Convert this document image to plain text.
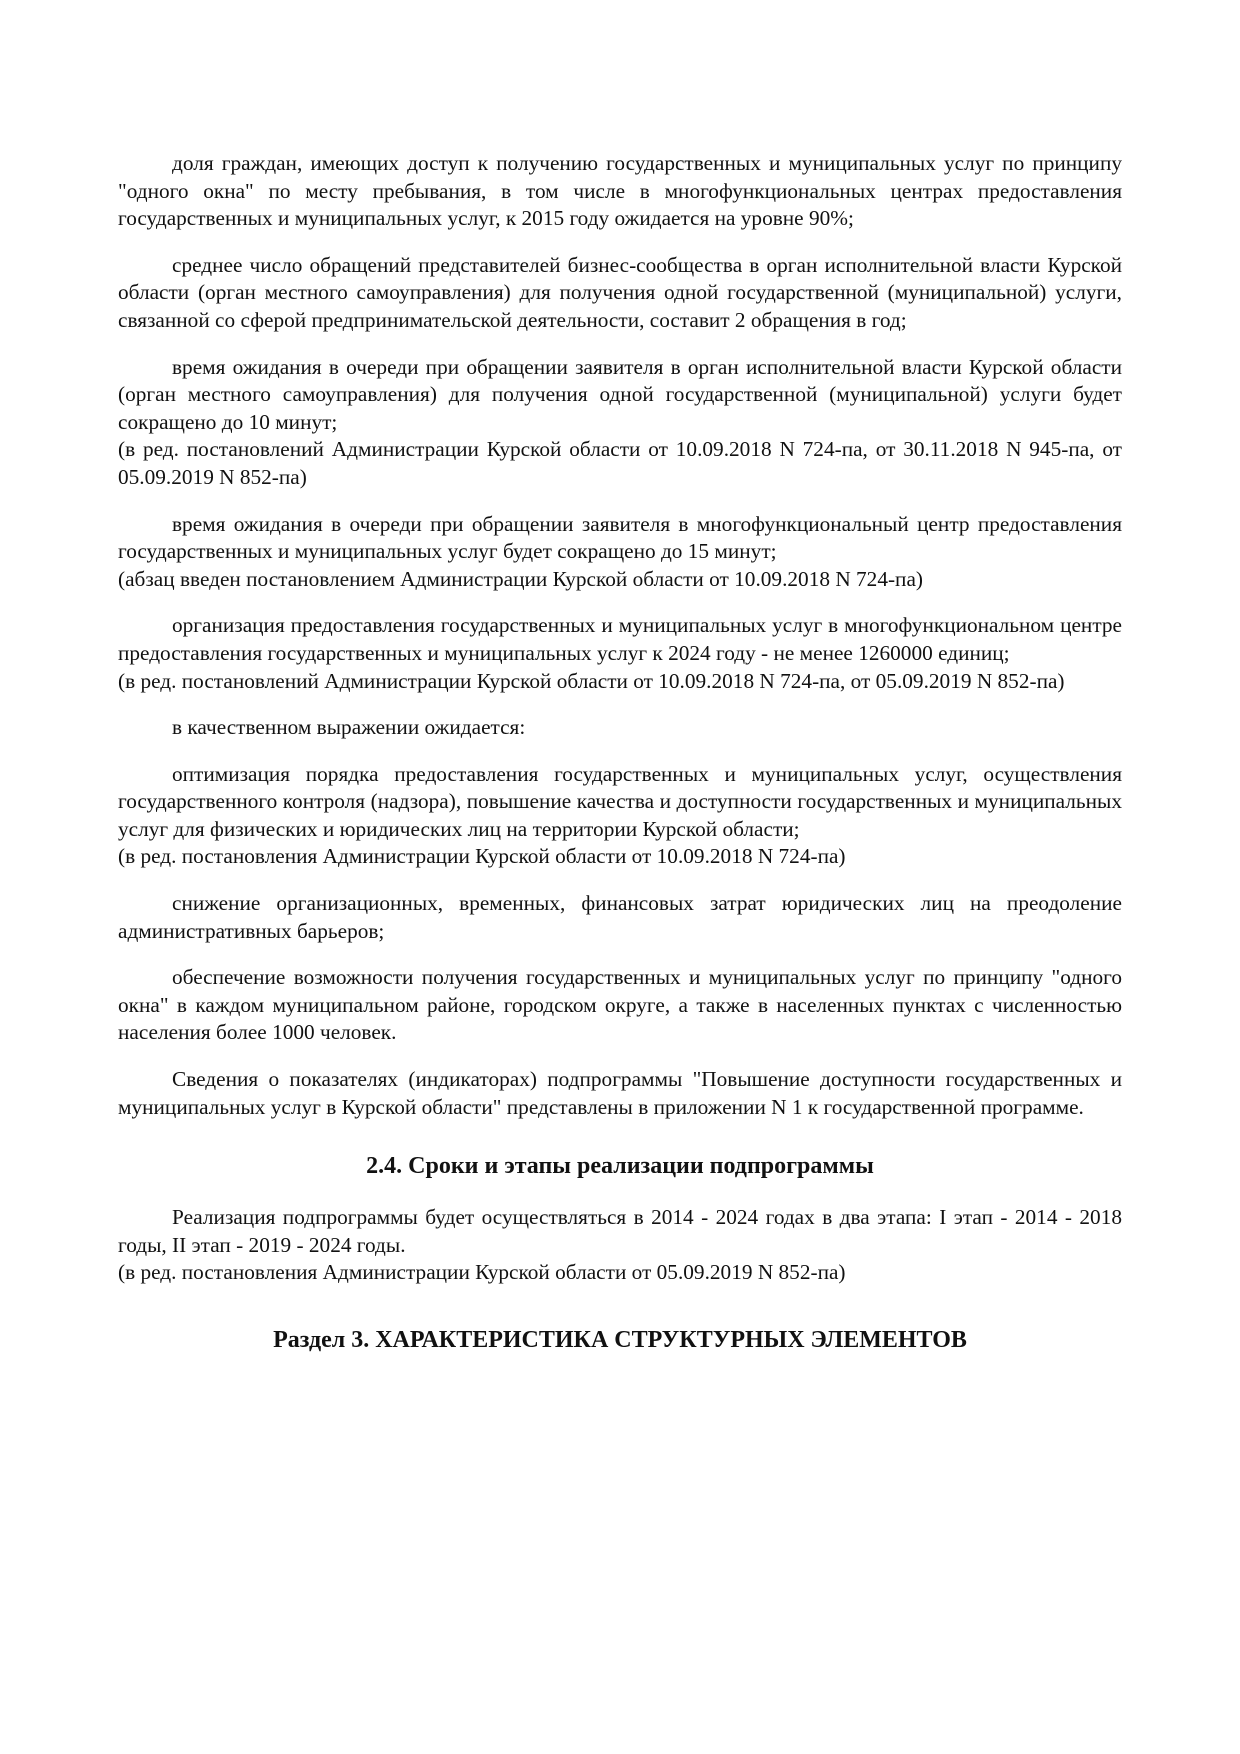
доля граждан, имеющих доступ к получению государственных и муниципальных услуг по принципу "одного окна" по месту пребывания, в том числе в многофункциональных центрах предоставления государственных и муниципальных услуг, к 2015 году ожидается на уровне 90%;

среднее число обращений представителей бизнес-сообщества в орган исполнительной власти Курской области (орган местного самоуправления) для получения одной государственной (муниципальной) услуги, связанной со сферой предпринимательской деятельности, составит 2 обращения в год;

время ожидания в очереди при обращении заявителя в орган исполнительной власти Курской области (орган местного самоуправления) для получения одной государственной (муниципальной) услуги будет сокращено до 10 минут;

(в ред. постановлений Администрации Курской области от 10.09.2018 N 724-па, от 30.11.2018 N 945-па, от 05.09.2019 N 852-па)

время ожидания в очереди при обращении заявителя в многофункциональный центр предоставления государственных и муниципальных услуг будет сокращено до 15 минут;

(абзац введен постановлением Администрации Курской области от 10.09.2018 N 724-па)

организация предоставления государственных и муниципальных услуг в многофункциональном центре предоставления государственных и муниципальных услуг к 2024 году - не менее 1260000 единиц;

(в ред. постановлений Администрации Курской области от 10.09.2018 N 724-па, от 05.09.2019 N 852-па)

в качественном выражении ожидается:

оптимизация порядка предоставления государственных и муниципальных услуг, осуществления государственного контроля (надзора), повышение качества и доступности государственных и муниципальных услуг для физических и юридических лиц на территории Курской области;

(в ред. постановления Администрации Курской области от 10.09.2018 N 724-па)

снижение организационных, временных, финансовых затрат юридических лиц на преодоление административных барьеров;

обеспечение возможности получения государственных и муниципальных услуг по принципу "одного окна" в каждом муниципальном районе, городском округе, а также в населенных пунктах с численностью населения более 1000 человек.

Сведения о показателях (индикаторах) подпрограммы "Повышение доступности государственных и муниципальных услуг в Курской области" представлены в приложении N 1 к государственной программе.

2.4. Сроки и этапы реализации подпрограммы

Реализация подпрограммы будет осуществляться в 2014 - 2024 годах в два этапа: I этап - 2014 - 2018 годы, II этап - 2019 - 2024 годы.

(в ред. постановления Администрации Курской области от 05.09.2019 N 852-па)

Раздел 3. ХАРАКТЕРИСТИКА СТРУКТУРНЫХ ЭЛЕМЕНТОВ
